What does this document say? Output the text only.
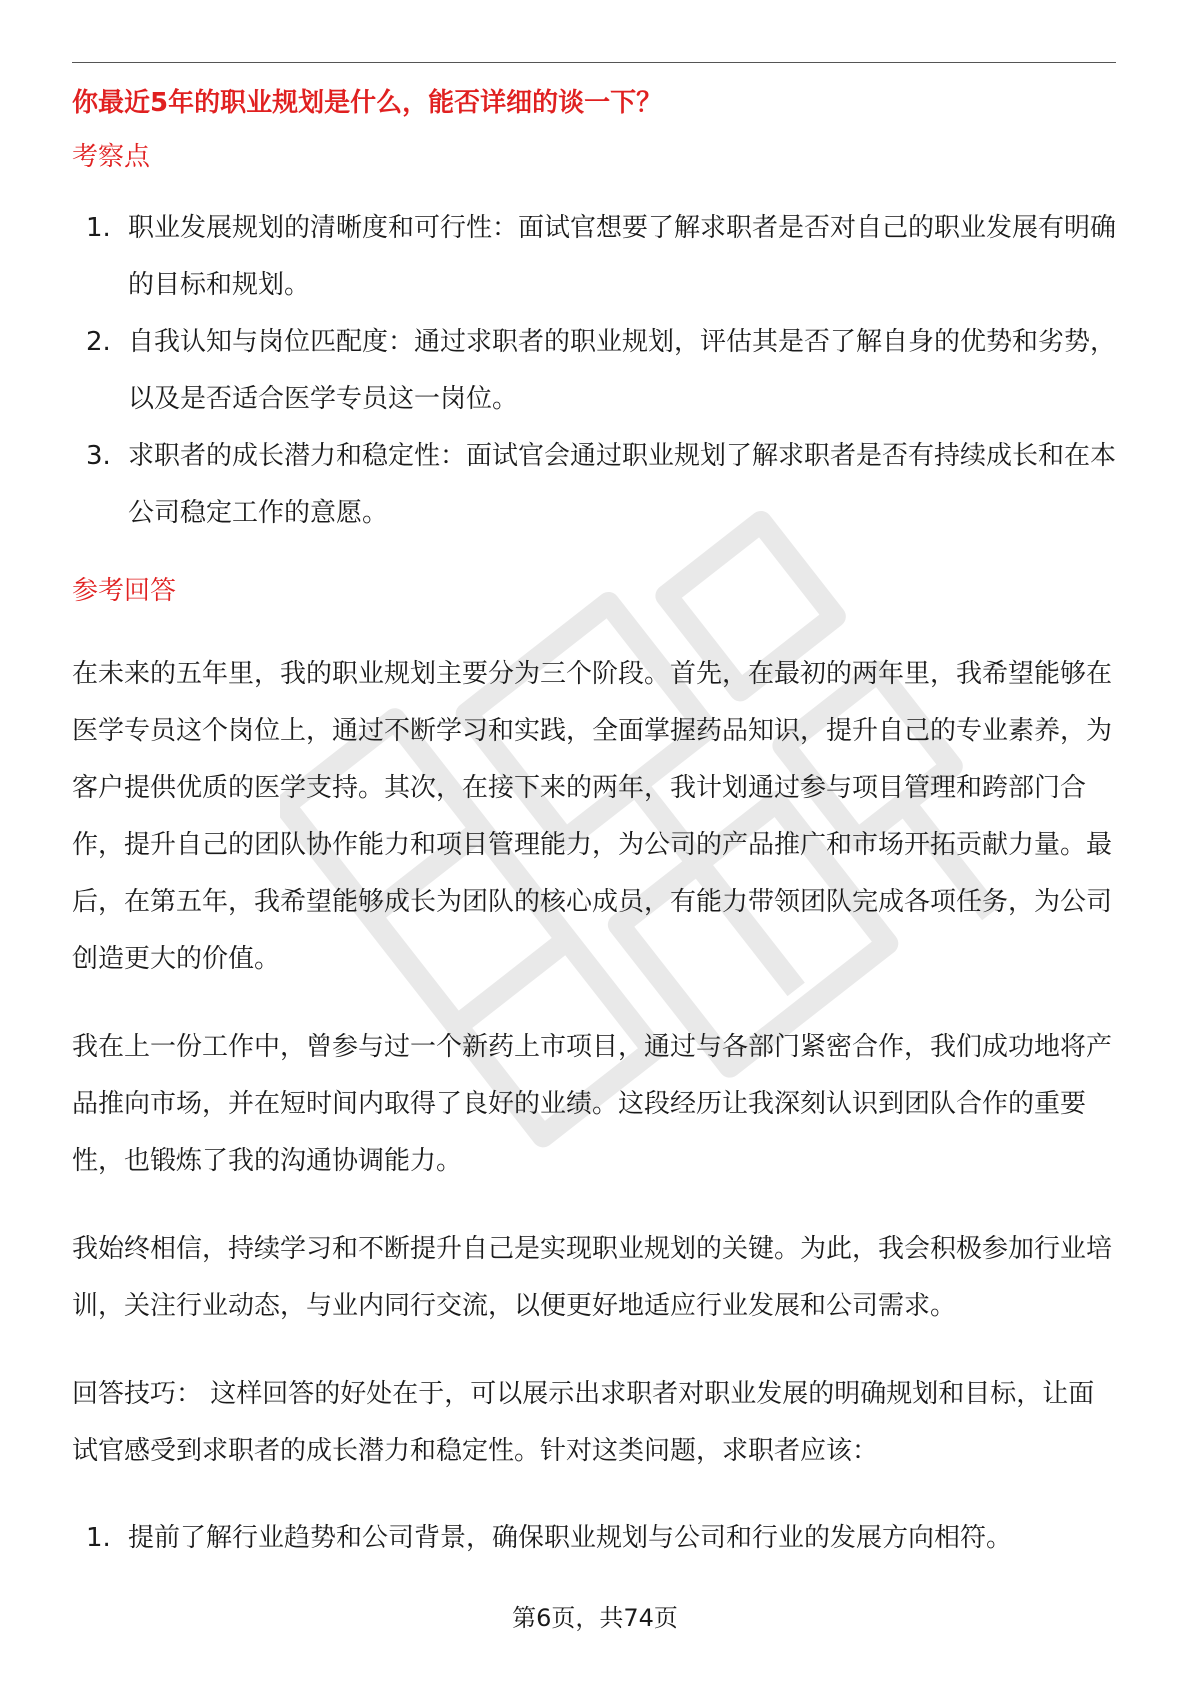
你最近5年的职业规划是什么，能否详细的谈一下？

考察点

1. 职业发展规划的清晰度和可行性：面试官想要了解求职者是否对自己的职业发展有明确的目标和规划。
2. 自我认知与岗位匹配度：通过求职者的职业规划，评估其是否了解自身的优势和劣势，以及是否适合医学专员这一岗位。
3. 求职者的成长潜力和稳定性：面试官会通过职业规划了解求职者是否有持续成长和在本公司稳定工作的意愿。

参考回答

在未来的五年里，我的职业规划主要分为三个阶段。首先，在最初的两年里，我希望能够在医学专员这个岗位上，通过不断学习和实践，全面掌握药品知识，提升自己的专业素养，为客户提供优质的医学支持。其次，在接下来的两年，我计划通过参与项目管理和跨部门合作，提升自己的团队协作能力和项目管理能力，为公司的产品推广和市场开拓贡献力量。最后，在第五年，我希望能够成长为团队的核心成员，有能力带领团队完成各项任务，为公司创造更大的价值。

我在上一份工作中，曾参与过一个新药上市项目，通过与各部门紧密合作，我们成功地将产品推向市场，并在短时间内取得了良好的业绩。这段经历让我深刻认识到团队合作的重要性，也锻炼了我的沟通协调能力。

我始终相信，持续学习和不断提升自己是实现职业规划的关键。为此，我会积极参加行业培训，关注行业动态，与业内同行交流，以便更好地适应行业发展和公司需求。

回答技巧： 这样回答的好处在于，可以展示出求职者对职业发展的明确规划和目标，让面试官感受到求职者的成长潜力和稳定性。针对这类问题，求职者应该：

1. 提前了解行业趋势和公司背景，确保职业规划与公司和行业的发展方向相符。
第6页，共74页
